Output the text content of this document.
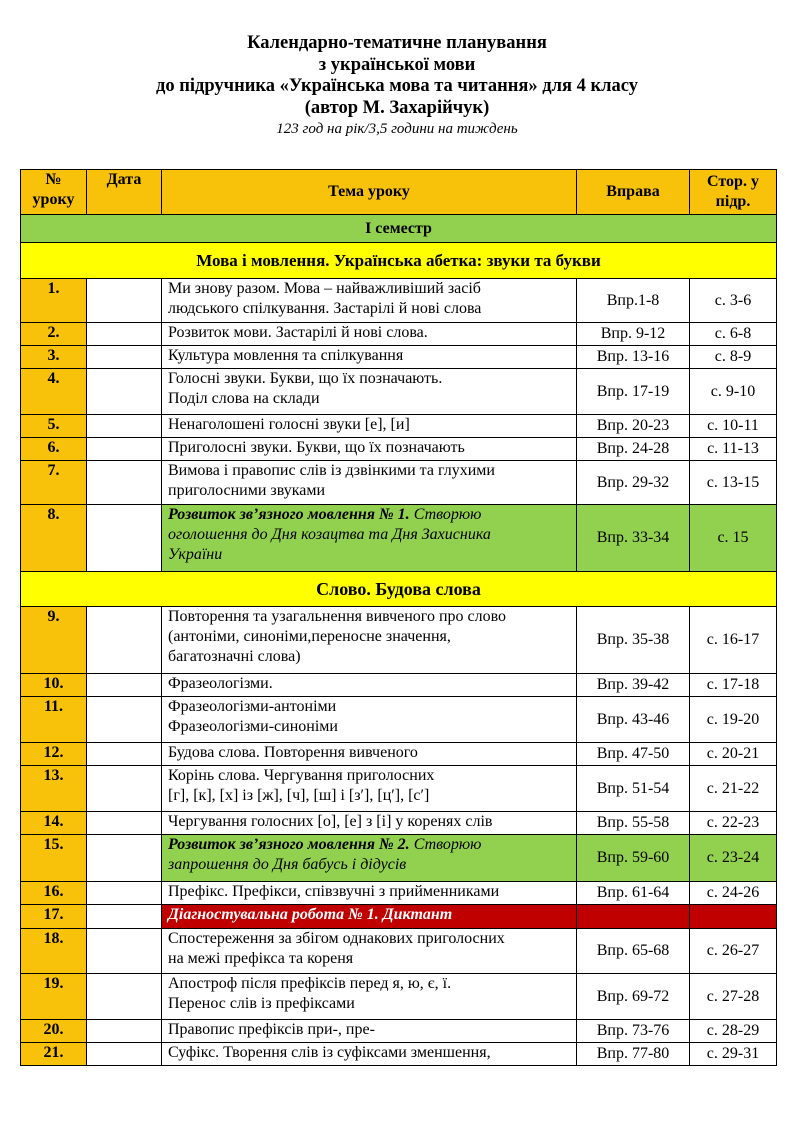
Календарно-тематичне планування
з української мови
до підручника «Українська мова та читання» для 4 класу
(автор М. Захарійчук)
123 год на рік/3,5 години на тиждень
№
уроку	Дата	Тема уроку	Вправа	Стор. у
підр.

І семестр				
Мова і мовлення. Українська абетка: звуки та букви				
1.		Ми знову разом. Мова – найважливіший засіб
людського спілкування. Застарілі й нові слова	Впр.1-8	с. 3-6
2.		Розвиток мови. Застарілі й нові слова.	Впр. 9-12	с. 6-8
3.		Культура мовлення та спілкування	Впр. 13-16	с. 8-9
4.		Голосні звуки. Букви, що їх позначають.
Поділ слова на склади	Впр. 17-19	с. 9-10
5.		Ненаголошені голосні звуки [е], [и]	Впр. 20-23	с. 10-11
6.		Приголосні звуки. Букви, що їх позначають	Впр. 24-28	с. 11-13
7.		Вимова і правопис слів із дзвінкими та глухими
приголосними звуками	Впр. 29-32	с. 13-15
8.		Розвиток зв’язного мовлення № 1. Створюю
оголошення до Дня козацтва та Дня Захисника
України	Впр. 33-34	с. 15
Слово. Будова слова				
9.		Повторення та узагальнення вивченого про слово
(антоніми, синоніми,переносне значення,
багатозначні слова)	Впр. 35-38	с. 16-17
10.		Фразеологізми.	Впр. 39-42	с. 17-18
11.		Фразеологізми-антоніми
Фразеологізми-синоніми	Впр. 43-46	с. 19-20
12.		Будова слова. Повторення вивченого	Впр. 47-50	с. 20-21
13.		Корінь слова. Чергування приголосних
[г], [к], [х] із [ж], [ч], [ш] і [з′], [ц′], [с′]	Впр. 51-54	с. 21-22
14.		Чергування голосних [о], [е] з [і] у коренях слів	Впр. 55-58	с. 22-23
15.		Розвиток зв’язного мовлення № 2. Створюю
запрошення до Дня бабусь і дідусів	Впр. 59-60	с. 23-24
16.		Префікс. Префікси, співзвучні з прийменниками	Впр. 61-64	с. 24-26
17.		Діагностувальна робота № 1. Диктант		
18.		Спостереження за збігом однакових приголосних
на межі префікса та кореня	Впр. 65-68	с. 26-27
19.		Апостроф після префіксів перед я, ю, є, ї.
Перенос слів із префіксами	Впр. 69-72	с. 27-28
20.		Правопис префіксів при-, пре-	Впр. 73-76	с. 28-29
21.		Суфікс. Творення слів із суфіксами зменшення,	Впр. 77-80	с. 29-31
